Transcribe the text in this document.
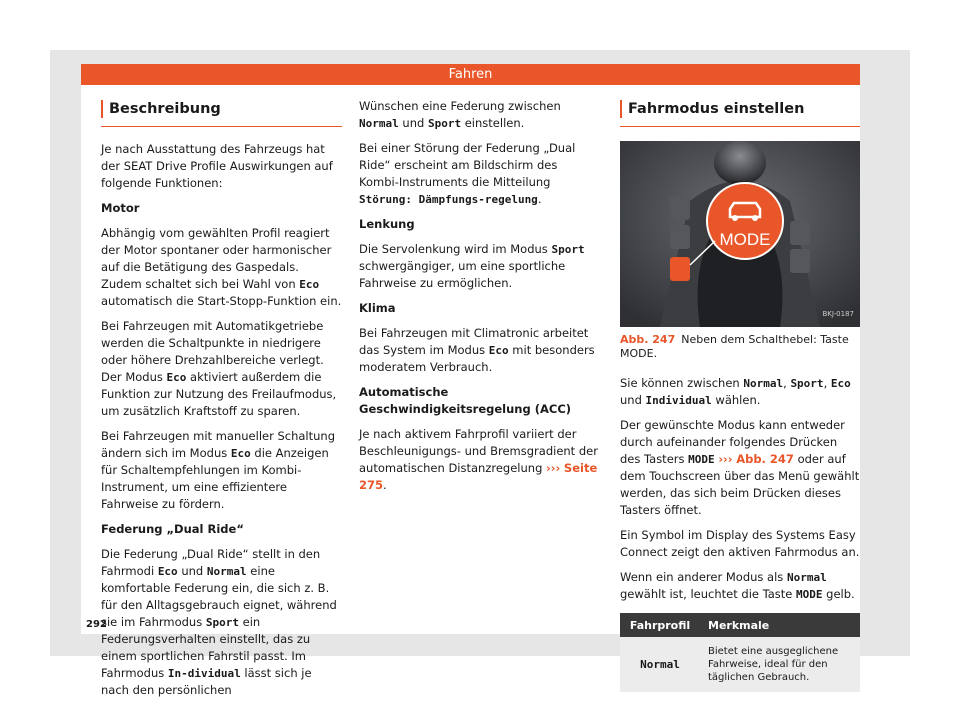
Fahren
Beschreibung

Je nach Ausstattung des Fahrzeugs hat der SEAT Drive Profile Auswirkungen auf folgende Funktionen:

Motor

Abhängig vom gewählten Profil reagiert der Motor spontaner oder harmonischer auf die Betätigung des Gaspedals. Zudem schaltet sich bei Wahl von Eco automatisch die Start-Stopp-Funktion ein.

Bei Fahrzeugen mit Automatikgetriebe werden die Schaltpunkte in niedrigere oder höhere Drehzahlbereiche verlegt. Der Modus Eco aktiviert außerdem die Funktion zur Nutzung des Freilaufmodus, um zusätzlich Kraftstoff zu sparen.

Bei Fahrzeugen mit manueller Schaltung ändern sich im Modus Eco die Anzeigen für Schaltempfehlungen im Kombi-Instrument, um eine effizientere Fahrweise zu fördern.

Federung „Dual Ride“

Die Federung „Dual Ride“ stellt in den Fahrmodi Eco und Normal eine komfortable Federung ein, die sich z. B. für den Alltagsgebrauch eignet, während sie im Fahrmodus Sport ein Federungsverhalten einstellt, das zu einem sportlichen Fahrstil passt. Im Fahrmodus In-dividual lässt sich je nach den persönlichen

Wünschen eine Federung zwischen Normal und Sport einstellen.

Bei einer Störung der Federung „Dual Ride“ erscheint am Bildschirm des Kombi-Instruments die Mitteilung Störung: Dämpfungs-regelung.

Lenkung

Die Servolenkung wird im Modus Sport schwergängiger, um eine sportliche Fahrweise zu ermöglichen.

Klima

Bei Fahrzeugen mit Climatronic arbeitet das System im Modus Eco mit besonders moderatem Verbrauch.

Automatische Geschwindigkeitsregelung (ACC)

Je nach aktivem Fahrprofil variiert der Beschleunigungs- und Bremsgradient der automatischen Distanzregelung ››› Seite 275.

Fahrmodus einstellen
MODE
BKJ-0187
Abb. 247 Neben dem Schalthebel: Taste MODE.

Sie können zwischen Normal, Sport, Eco und Individual wählen.

Der gewünschte Modus kann entweder durch aufeinander folgendes Drücken des Tasters MODE ››› Abb. 247 oder auf dem Touchscreen über das Menü gewählt werden, das sich beim Drücken dieses Tasters öffnet.

Ein Symbol im Display des Systems Easy Connect zeigt den aktiven Fahrmodus an.

Wenn ein anderer Modus als Normal gewählt ist, leuchtet die Taste MODE gelb.

Fahrprofil	Merkmale
Normal	Bietet eine ausgeglichene Fahrweise, ideal für den täglichen Gebrauch.
292
